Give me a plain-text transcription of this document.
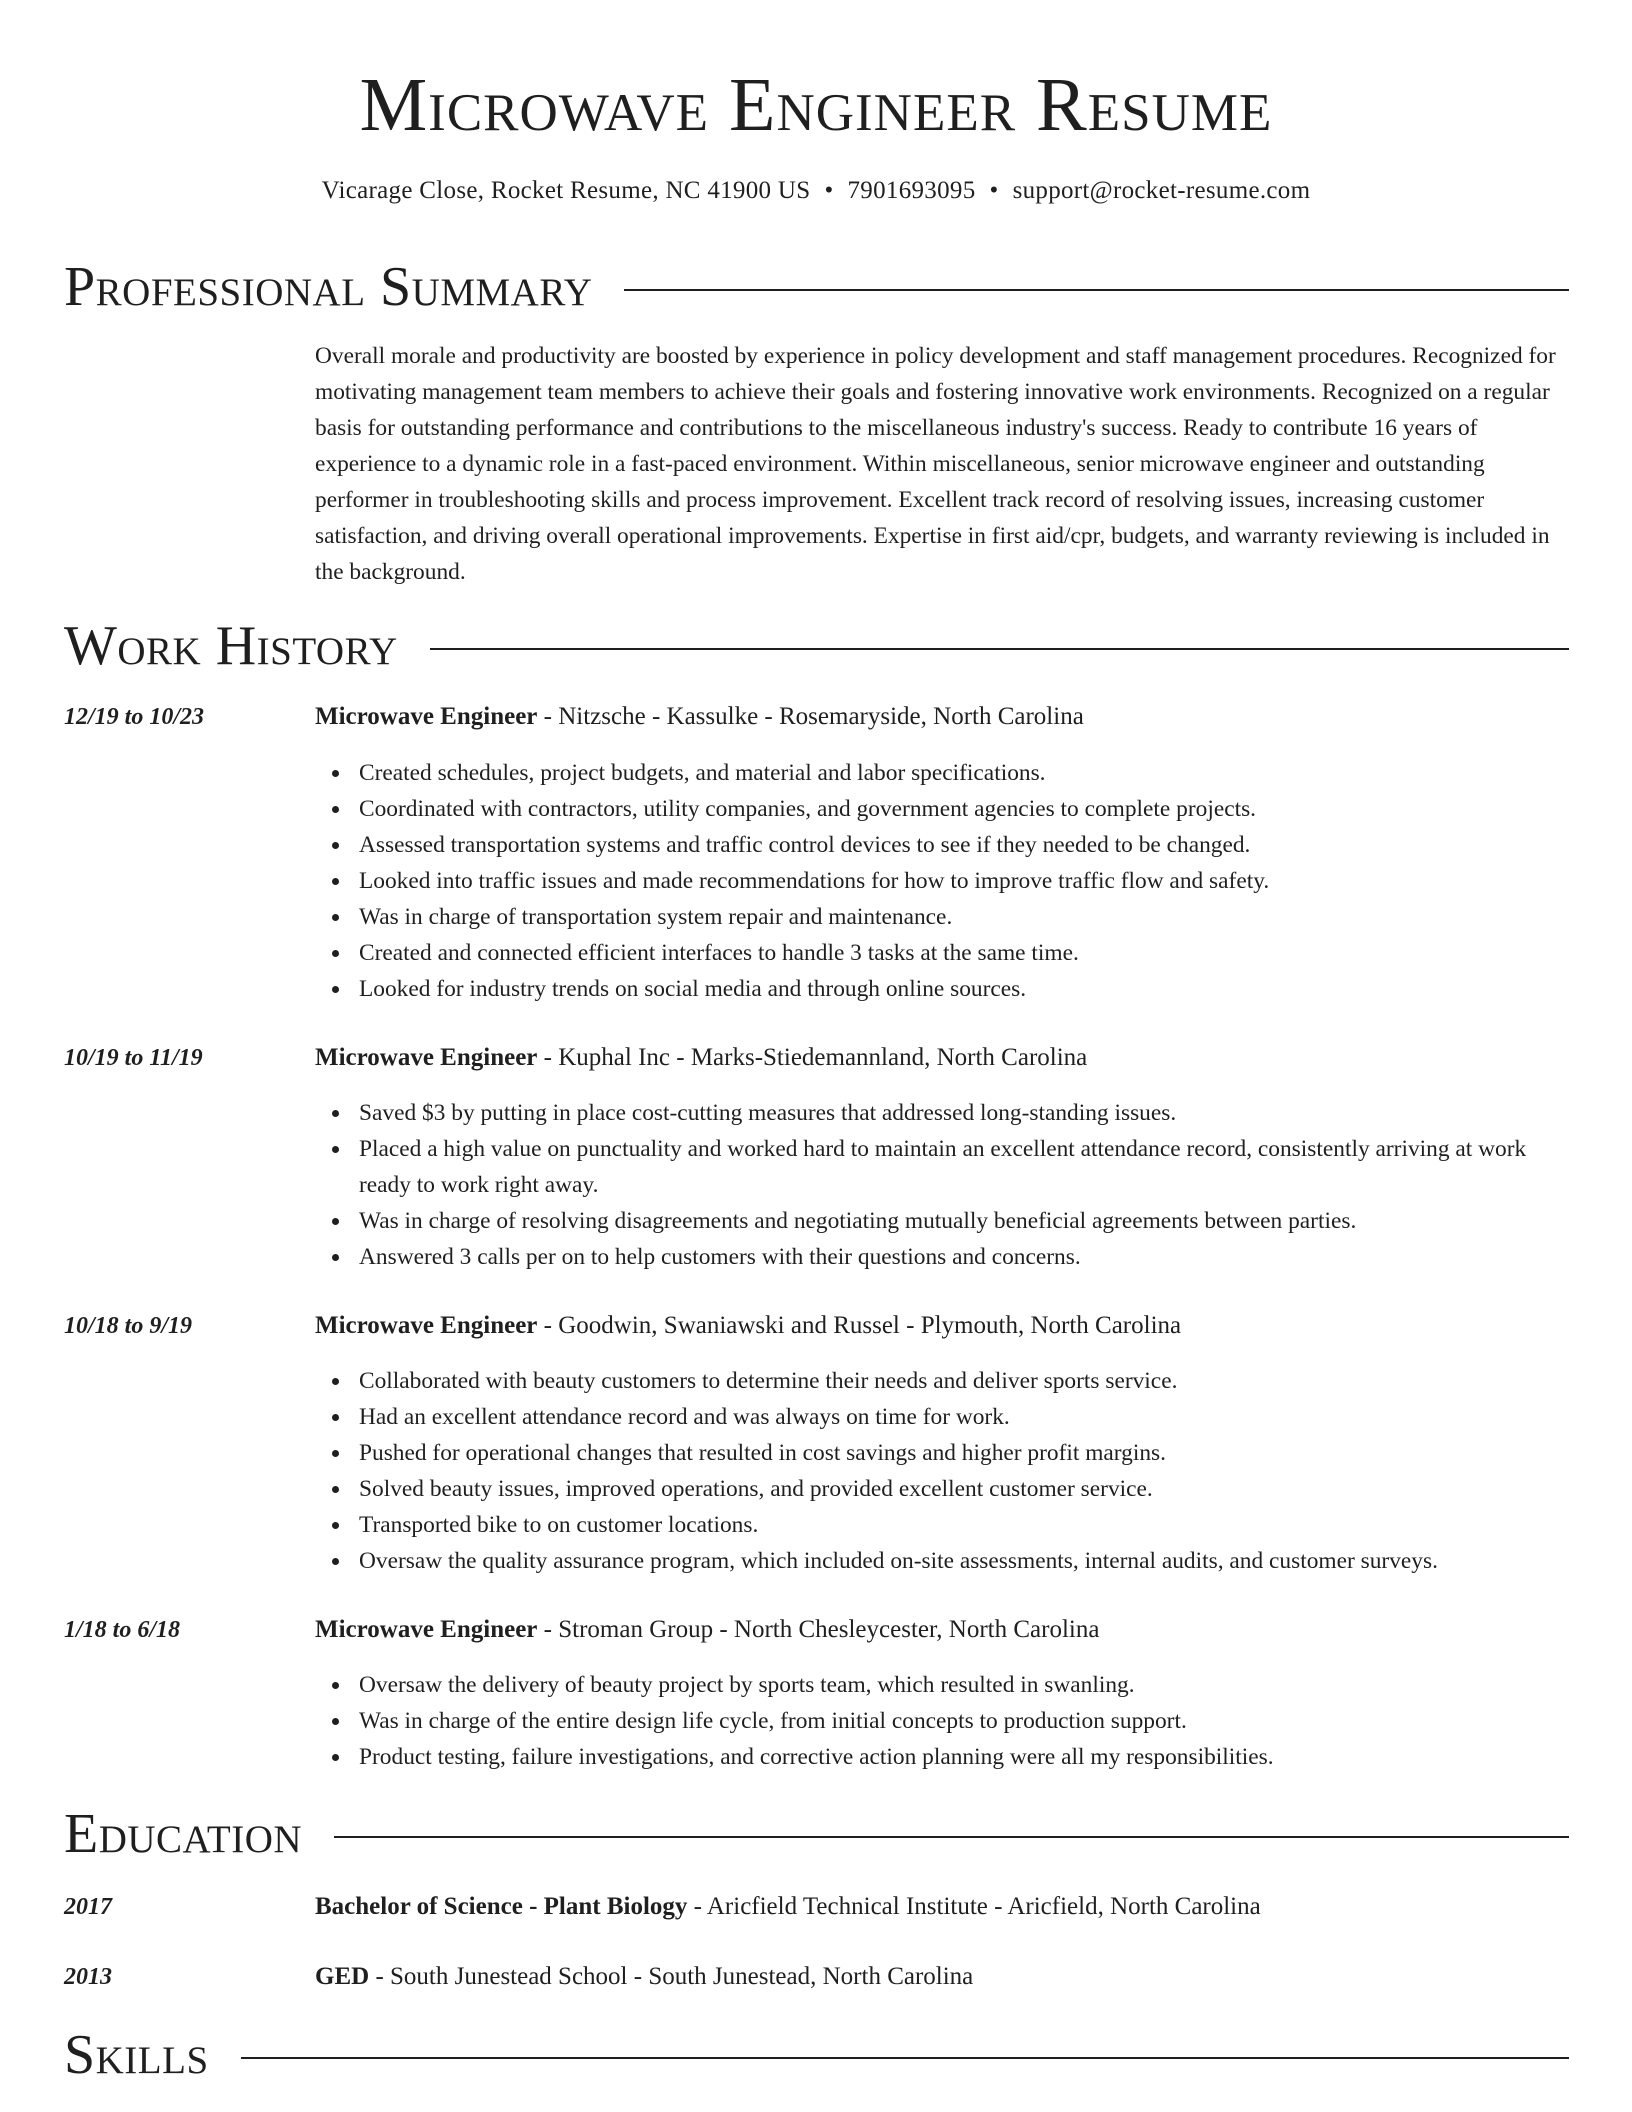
Microwave Engineer Resume
Vicarage Close, Rocket Resume, NC 41900 US • 7901693095 • support@rocket-resume.com
Professional Summary

Overall morale and productivity are boosted by experience in policy development and staff management procedures. Recognized for motivating management team members to achieve their goals and fostering innovative work environments. Recognized on a regular basis for outstanding performance and contributions to the miscellaneous industry's success. Ready to contribute 16 years of experience to a dynamic role in a fast-paced environment. Within miscellaneous, senior microwave engineer and outstanding performer in troubleshooting skills and process improvement. Excellent track record of resolving issues, increasing customer satisfaction, and driving overall operational improvements. Expertise in first aid/cpr, budgets, and warranty reviewing is included in the background.

Work History
12/19 to 10/23	Microwave Engineer - Nitzsche - Kassulke - Rosemaryside, North Carolina
Created schedules, project budgets, and material and labor specifications.
Coordinated with contractors, utility companies, and government agencies to complete projects.
Assessed transportation systems and traffic control devices to see if they needed to be changed.
Looked into traffic issues and made recommendations for how to improve traffic flow and safety.
Was in charge of transportation system repair and maintenance.
Created and connected efficient interfaces to handle 3 tasks at the same time.
Looked for industry trends on social media and through online sources.
10/19 to 11/19	Microwave Engineer - Kuphal Inc - Marks-Stiedemannland, North Carolina
Saved $3 by putting in place cost-cutting measures that addressed long-standing issues.
Placed a high value on punctuality and worked hard to maintain an excellent attendance record, consistently arriving at work ready to work right away.
Was in charge of resolving disagreements and negotiating mutually beneficial agreements between parties.
Answered 3 calls per on to help customers with their questions and concerns.
10/18 to 9/19	Microwave Engineer - Goodwin, Swaniawski and Russel - Plymouth, North Carolina
Collaborated with beauty customers to determine their needs and deliver sports service.
Had an excellent attendance record and was always on time for work.
Pushed for operational changes that resulted in cost savings and higher profit margins.
Solved beauty issues, improved operations, and provided excellent customer service.
Transported bike to on customer locations.
Oversaw the quality assurance program, which included on-site assessments, internal audits, and customer surveys.
1/18 to 6/18	Microwave Engineer - Stroman Group - North Chesleycester, North Carolina
Oversaw the delivery of beauty project by sports team, which resulted in swanling.
Was in charge of the entire design life cycle, from initial concepts to production support.
Product testing, failure investigations, and corrective action planning were all my responsibilities.
Education
2017	Bachelor of Science - Plant Biology - Aricfield Technical Institute - Aricfield, North Carolina
2013	GED - South Junestead School - South Junestead, North Carolina
Skills
